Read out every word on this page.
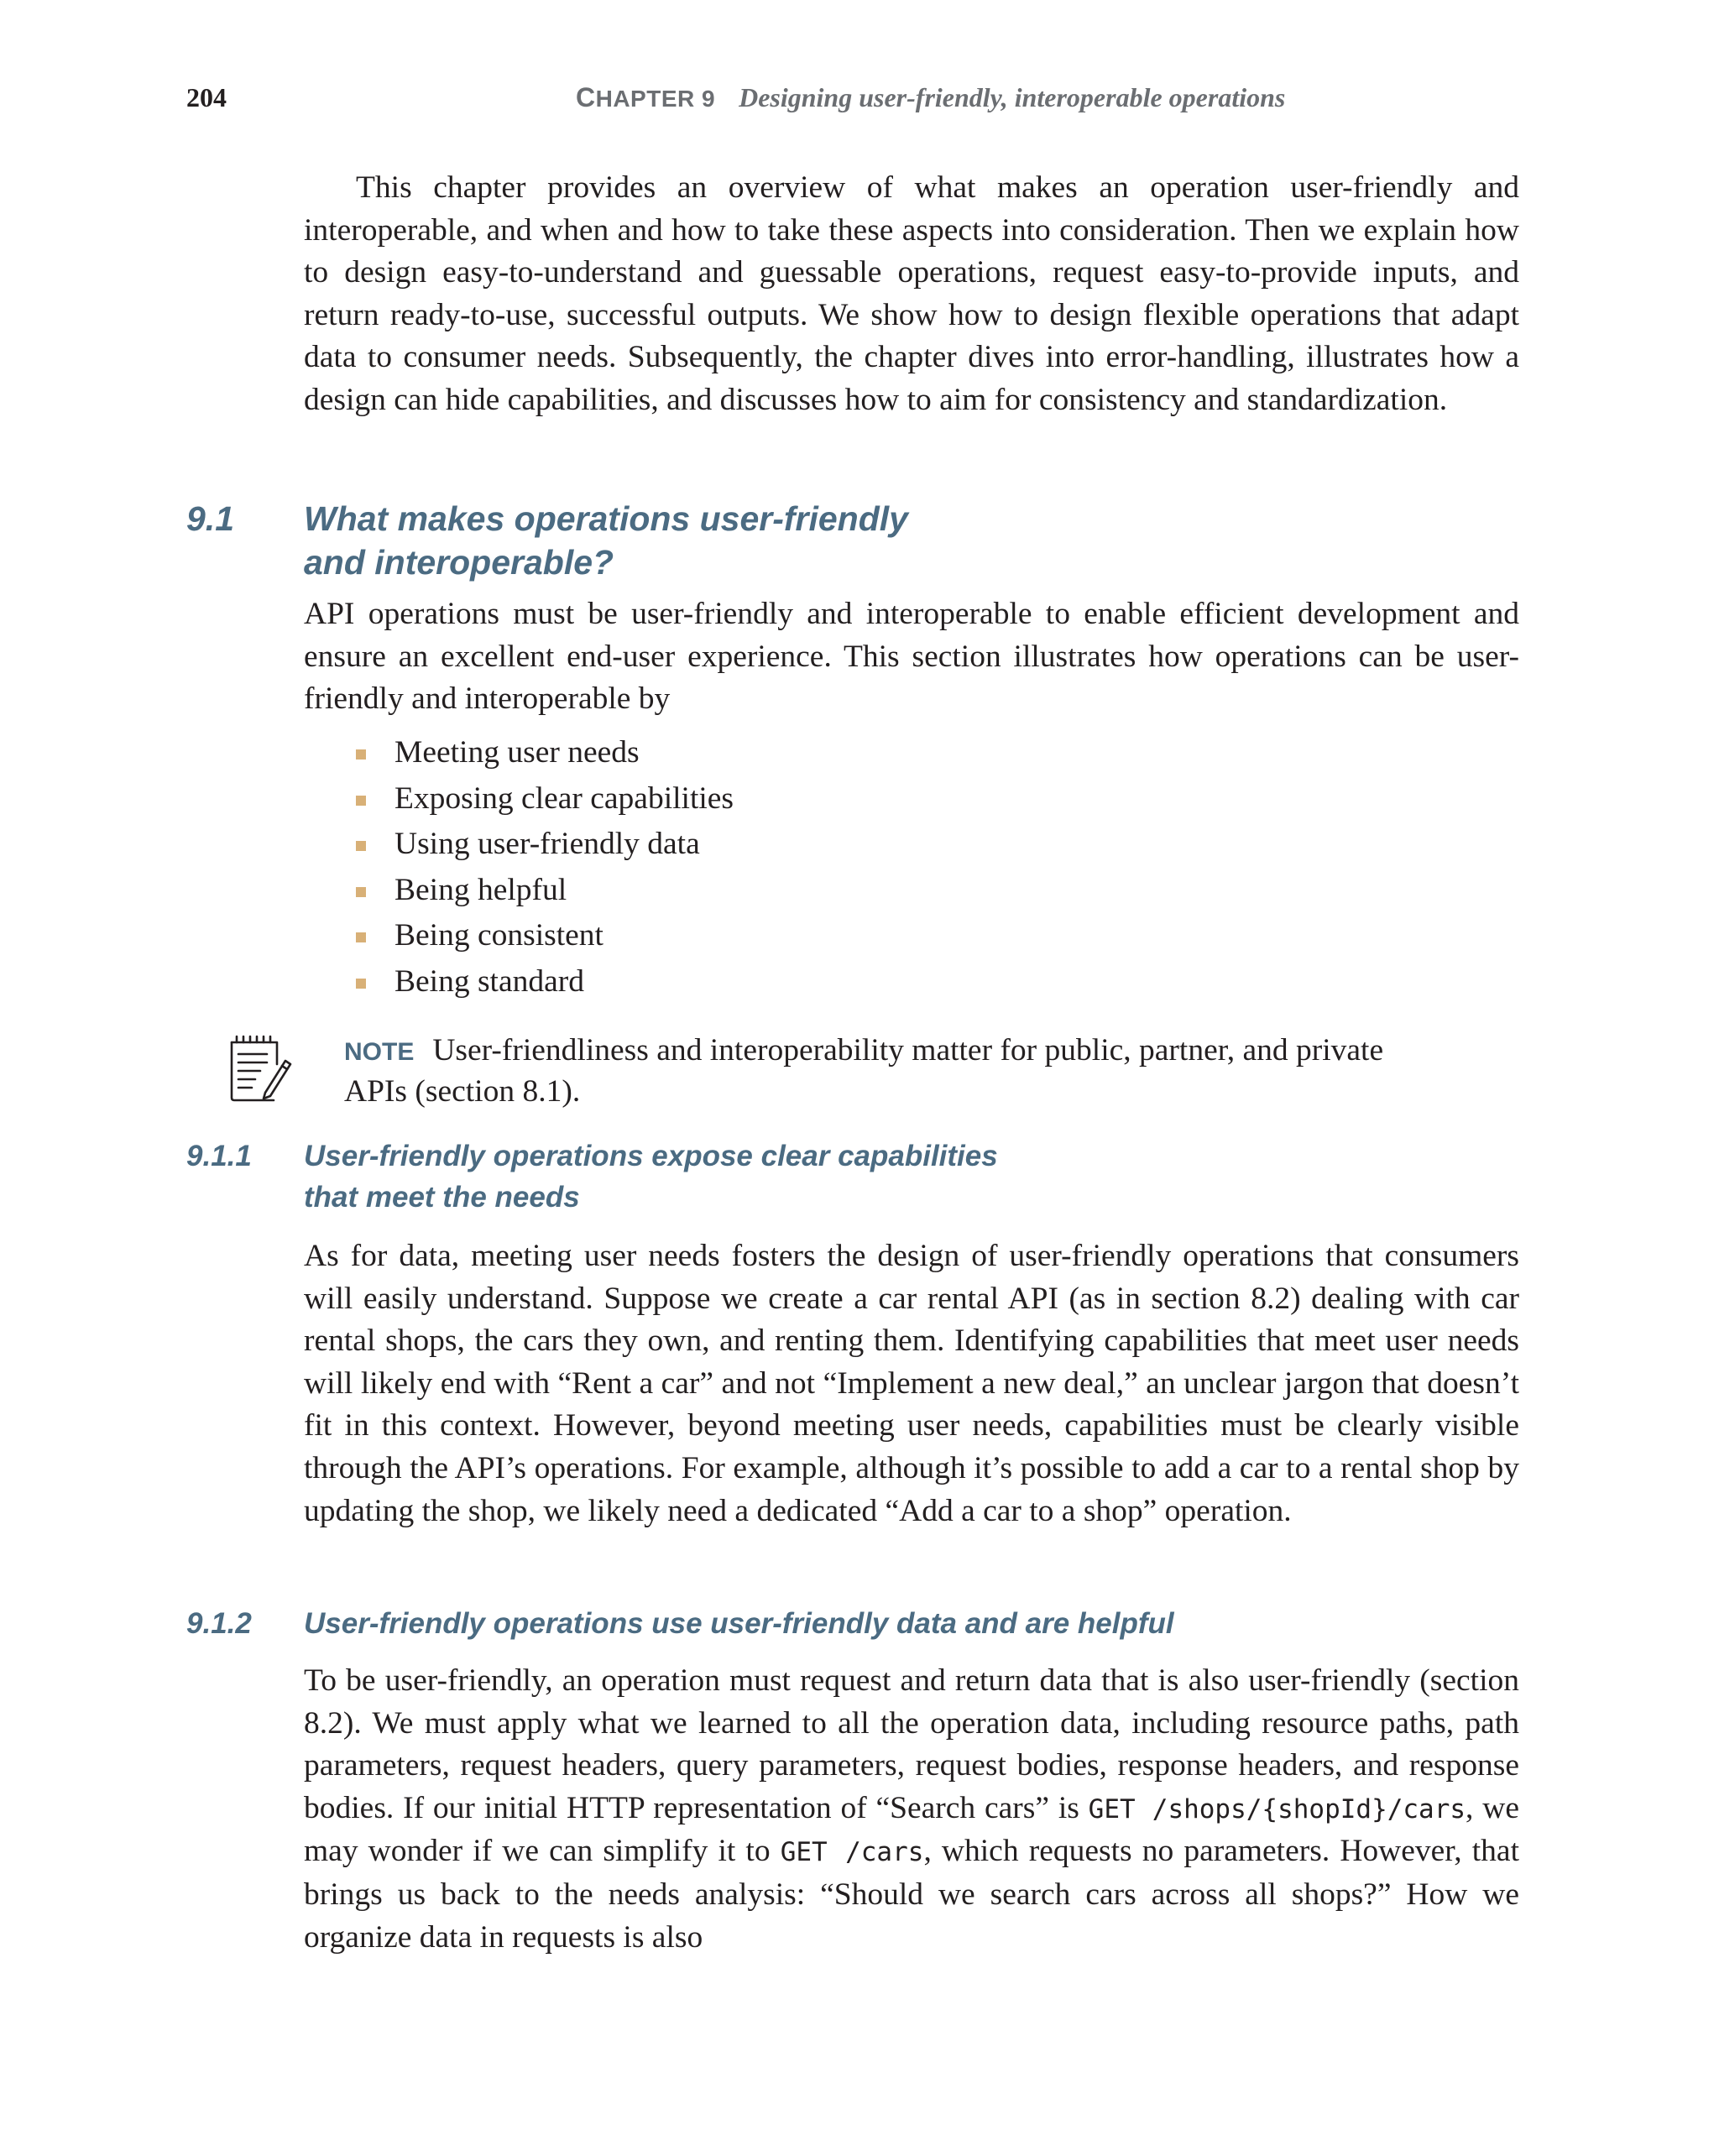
204	CHAPTER 9 Designing user-friendly, interoperable operations

This chapter provides an overview of what makes an operation user-friendly and interoperable, and when and how to take these aspects into consideration. Then we explain how to design easy-to-understand and guessable operations, request easy-to-provide inputs, and return ready-to-use, successful outputs. We show how to design flexible operations that adapt data to consumer needs. Subsequently, the chapter dives into error-handling, illustrates how a design can hide capabilities, and discusses how to aim for consistency and standardization.

9.1 What makes operations user-friendly
and interoperable?

API operations must be user-friendly and interoperable to enable efficient development and ensure an excellent end-user experience. This section illustrates how operations can be user-friendly and interoperable by

Meeting user needs
Exposing clear capabilities
Using user-friendly data
Being helpful
Being consistent
Being standard

NOTE User-friendliness and interoperability matter for public, partner, and private APIs (section 8.1).

9.1.1 User-friendly operations expose clear capabilities
that meet the needs

As for data, meeting user needs fosters the design of user-friendly operations that consumers will easily understand. Suppose we create a car rental API (as in section 8.2) dealing with car rental shops, the cars they own, and renting them. Identifying capabilities that meet user needs will likely end with “Rent a car” and not “Implement a new deal,” an unclear jargon that doesn’t fit in this context. However, beyond meeting user needs, capabilities must be clearly visible through the API’s operations. For example, although it’s possible to add a car to a rental shop by updating the shop, we likely need a dedicated “Add a car to a shop” operation.

9.1.2 User-friendly operations use user-friendly data and are helpful

To be user-friendly, an operation must request and return data that is also user-friendly (section 8.2). We must apply what we learned to all the operation data, including resource paths, path parameters, request headers, query parameters, request bodies, response headers, and response bodies. If our initial HTTP representation of “Search cars” is GET /shops/{shopId}/cars, we may wonder if we can simplify it to GET /cars, which requests no parameters. However, that brings us back to the needs analysis: “Should we search cars across all shops?” How we organize data in requests is also
